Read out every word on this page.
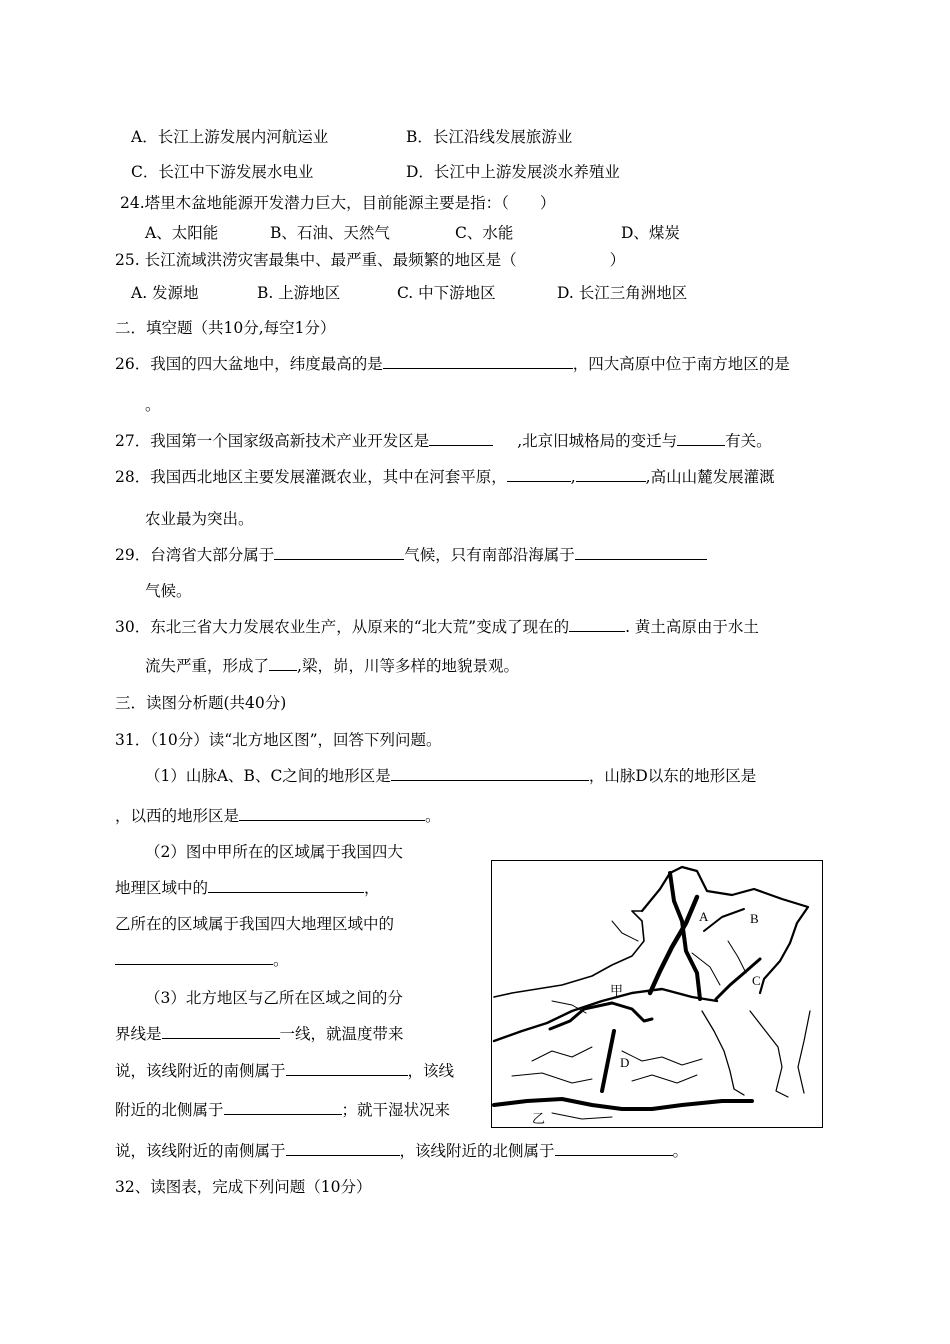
A．长江上游发展内河航运业	B．长江沿线发展旅游业
C．长江中下游发展水电业	D．长江中上游发展淡水养殖业
24.塔里木盆地能源开发潜力巨大，目前能源主要是指：（　　）
A、太阳能	B、石油、天然气	C、水能	D、煤炭
25. 长江流域洪涝灾害最集中、最严重、最频繁的地区是（　　　　　　）
A. 发源地	B. 上游地区	C. 中下游地区	D. 长江三角洲地区
二．填空题（共10分,每空1分）
26．我国的四大盆地中，纬度最高的是	，四大高原中位于南方地区的是
。
27．我国第一个国家级高新技术产业开发区是	,北京旧城格局的变迁与	有关。
28．我国西北地区主要发展灌溉农业，其中在河套平原，	,	,高山山麓发展灌溉
农业最为突出。
29．台湾省大部分属于	气候，只有南部沿海属于
气候。
30．东北三省大力发展农业生产，从原来的“北大荒”变成了现在的	. 黄土高原由于水土
流失严重，形成了 ,梁，峁，川等多样的地貌景观。
三．读图分析题(共40分)
31．（10分）读“北方地区图”，回答下列问题。
（1）山脉A、B、C之间的地形区是	，山脉D以东的地形区是
，以西的地形区是	。
（2）图中甲所在的区域属于我国四大
地理区域中的	，
乙所在的区域属于我国四大地理区域中的
。
（3）北方地区与乙所在区域之间的分
界线是	一线，就温度带来
说，该线附近的南侧属于	，该线
附近的北侧属于	；就干湿状况来
说，该线附近的南侧属于	，该线附近的北侧属于	。
32、读图表，完成下列问题（10分）
A	B
C
D
甲
乙
